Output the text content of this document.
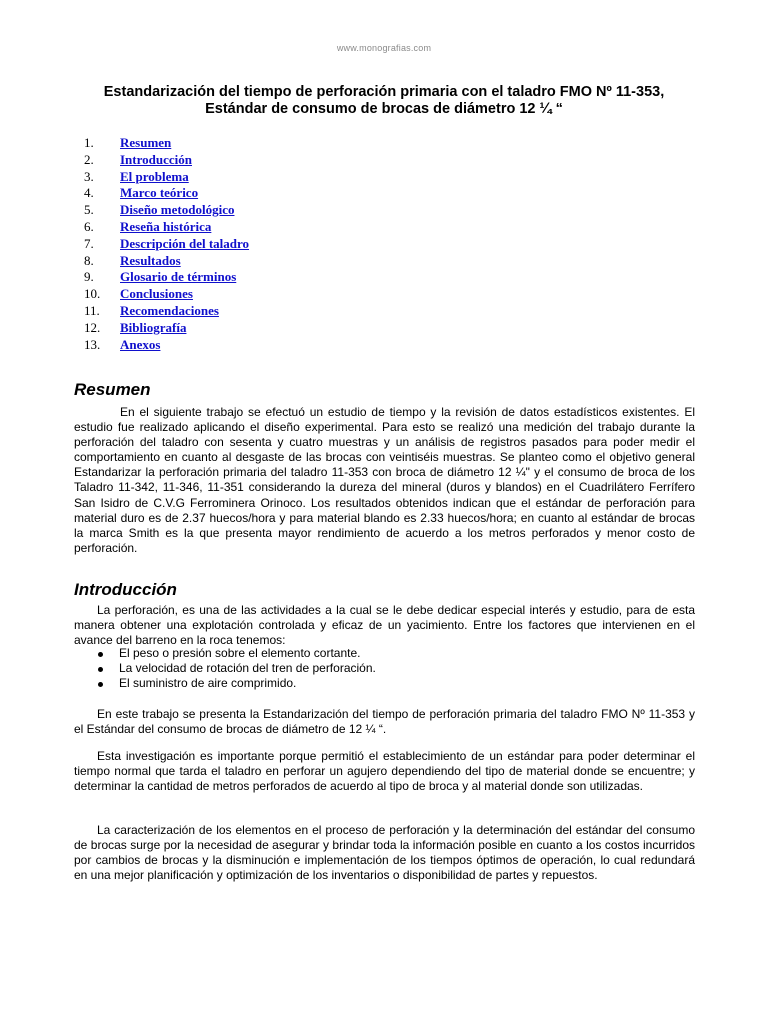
www.monografias.com
Estandarización del tiempo de perforación primaria con el taladro FMO Nº 11-353,
Estándar de consumo de brocas de diámetro 12 ¼ “
1.	Resumen
2.	Introducción
3.	El problema
4.	Marco teórico
5.	Diseño metodológico
6.	Reseña histórica
7.	Descripción del taladro
8.	Resultados
9.	Glosario de términos
10.	Conclusiones
11.	Recomendaciones
12.	Bibliografía
13.	Anexos
Resumen

En el siguiente trabajo se efectuó un estudio de tiempo y la revisión de datos estadísticos existentes. El estudio fue realizado aplicando el diseño experimental. Para esto se realizó una medición del trabajo durante la perforación del taladro con sesenta y cuatro muestras y un análisis de registros pasados para poder medir el comportamiento en cuanto al desgaste de las brocas con veintiséis muestras. Se planteo como el objetivo general Estandarizar la perforación primaria del taladro 11-353 con broca de diámetro 12 ¼" y el consumo de broca de los Taladro 11-342, 11-346, 11-351 considerando la dureza del mineral (duros y blandos) en el Cuadrilátero Ferrífero San Isidro de C.V.G Ferrominera Orinoco. Los resultados obtenidos indican que el estándar de perforación para material duro es de 2.37 huecos/hora y para material blando es 2.33 huecos/hora; en cuanto al estándar de brocas la marca Smith es la que presenta mayor rendimiento de acuerdo a los metros perforados y menor costo de perforación.

Introducción

La perforación, es una de las actividades a la cual se le debe dedicar especial interés y estudio, para de esta manera obtener una explotación controlada y eficaz de un yacimiento. Entre los factores que intervienen en el avance del barreno en la roca tenemos:

El peso o presión sobre el elemento cortante.
La velocidad de rotación del tren de perforación.
El suministro de aire comprimido.

En este trabajo se presenta la Estandarización del tiempo de perforación primaria del taladro FMO Nº 11-353 y el Estándar del consumo de brocas de diámetro de 12 ¼ “.

Esta investigación es importante porque permitió el establecimiento de un estándar para poder determinar el tiempo normal que tarda el taladro en perforar un agujero dependiendo del tipo de material donde se encuentre; y determinar la cantidad de metros perforados de acuerdo al tipo de broca y al material donde son utilizadas.

La caracterización de los elementos en el proceso de perforación y la determinación del estándar del consumo de brocas surge por la necesidad de asegurar y brindar toda la información posible en cuanto a los costos incurridos por cambios de brocas y la disminución e implementación de los tiempos óptimos de operación, lo cual redundará en una mejor planificación y optimización de los inventarios o disponibilidad de partes y repuestos.
